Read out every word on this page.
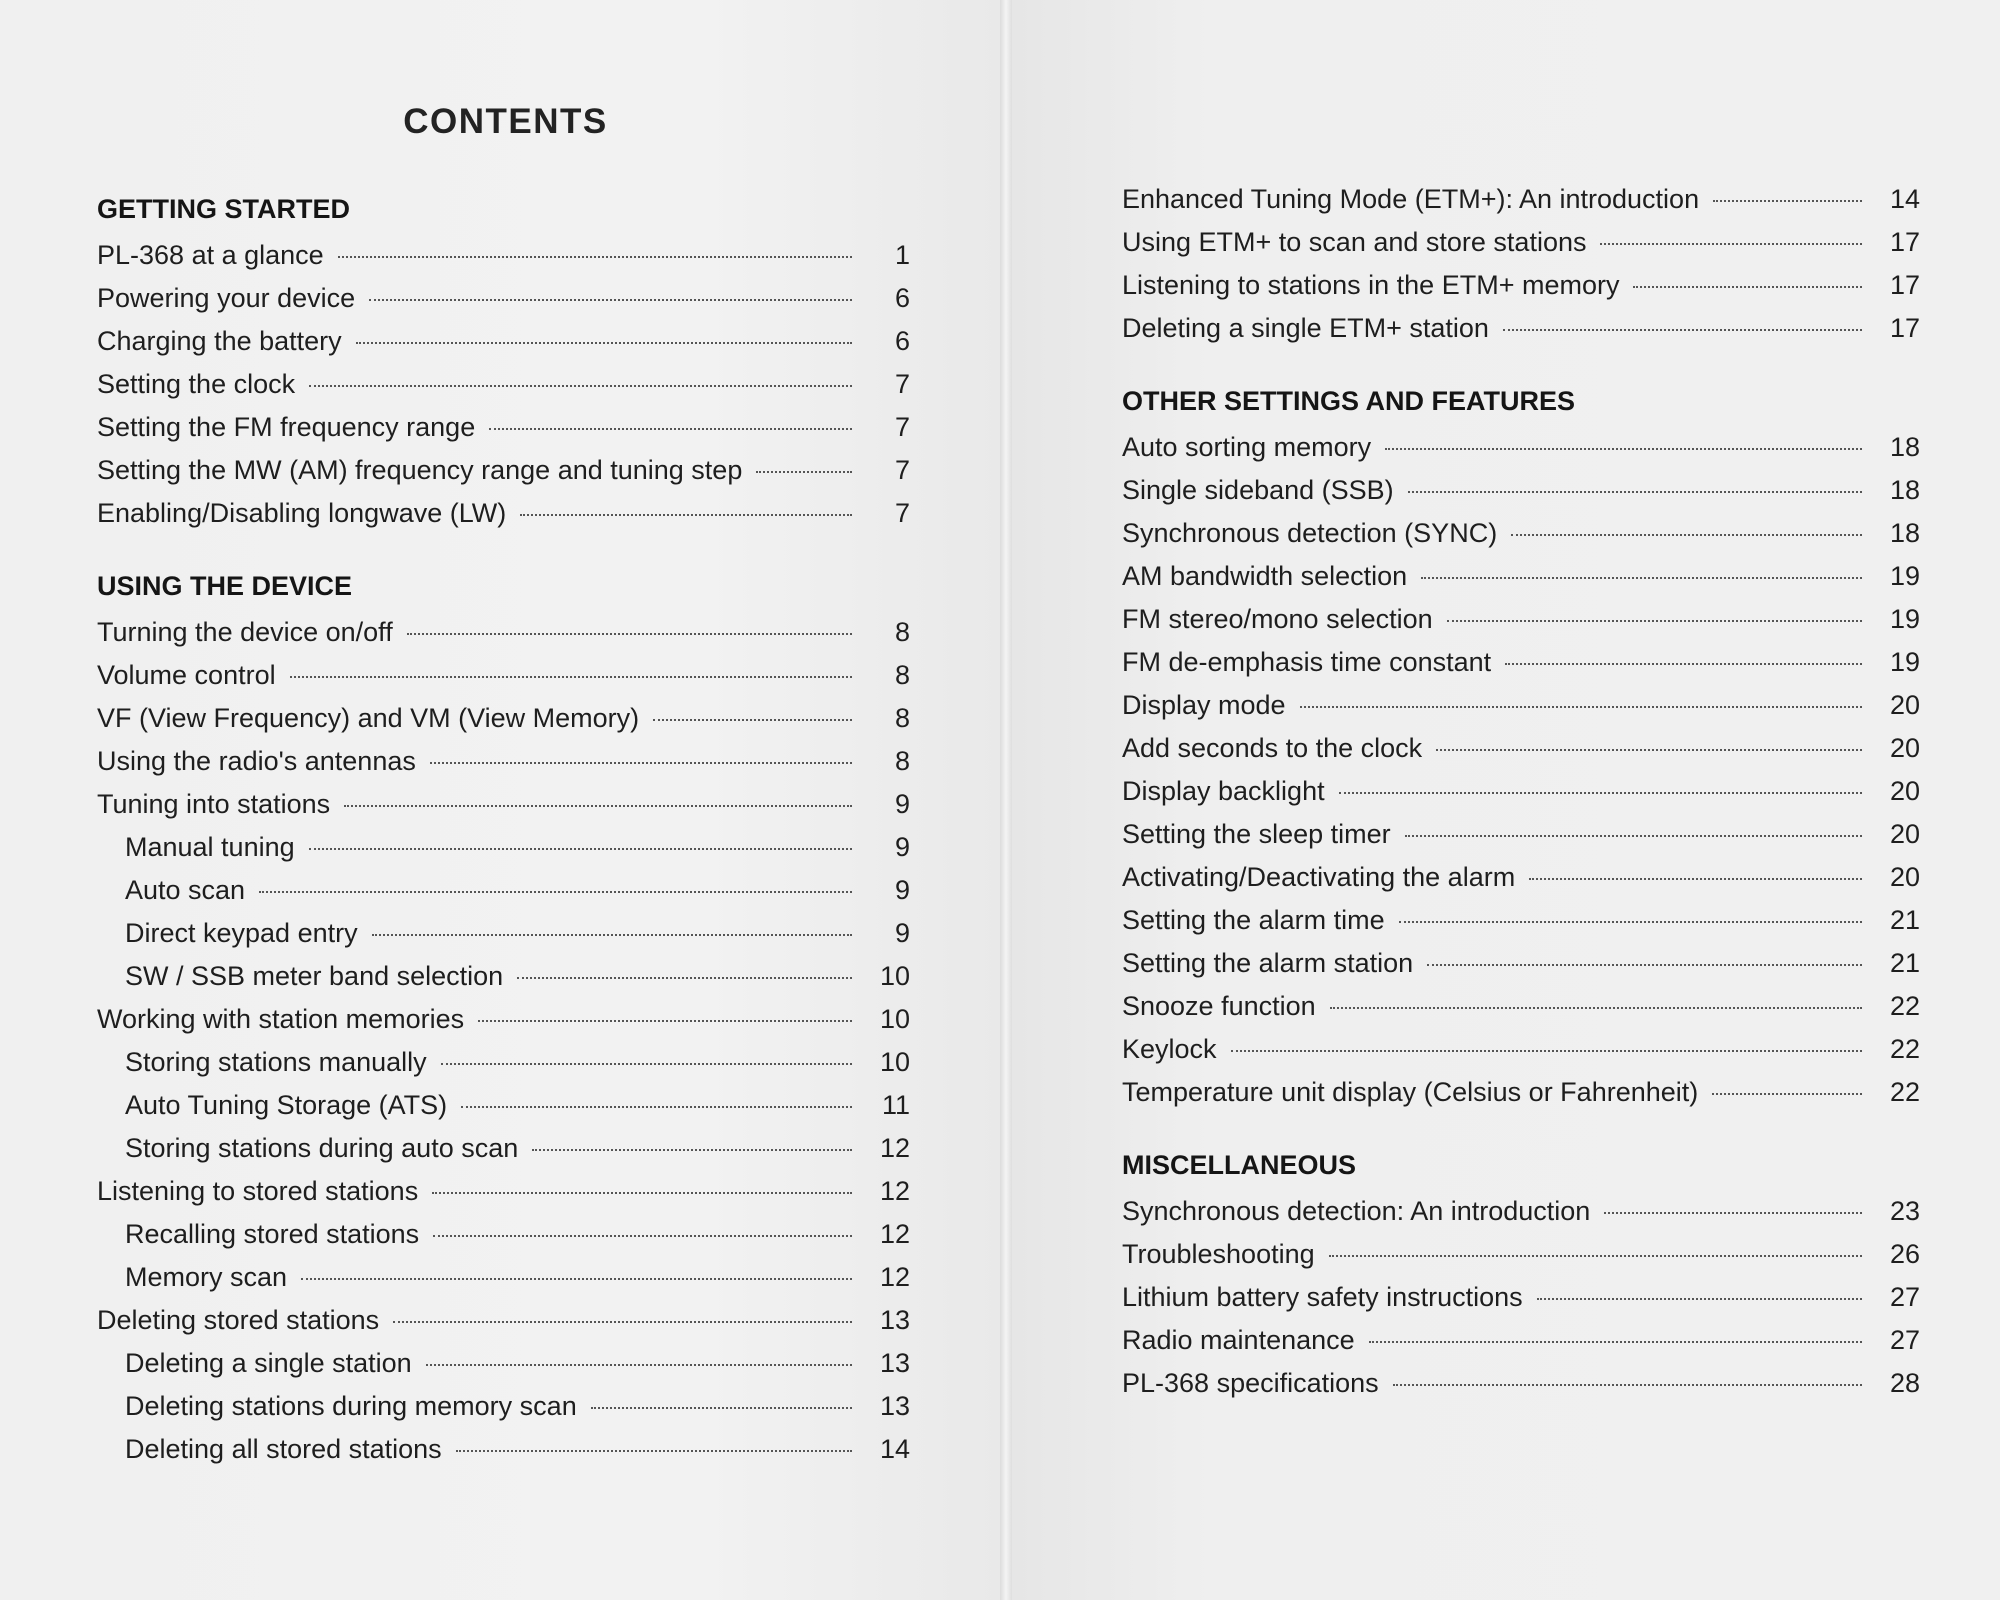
CONTENTS
GETTING STARTED
PL-368 at a glance	1
Powering your device	6
Charging the battery	6
Setting the clock	7
Setting the FM frequency range	7
Setting the MW (AM) frequency range and tuning step	7
Enabling/Disabling longwave (LW)	7
USING THE DEVICE
Turning the device on/off	8
Volume control	8
VF (View Frequency) and VM (View Memory)	8
Using the radio's antennas	8
Tuning into stations	9
Manual tuning	9
Auto scan	9
Direct keypad entry	9
SW / SSB meter band selection	10
Working with station memories	10
Storing stations manually	10
Auto Tuning Storage (ATS)	11
Storing stations during auto scan	12
Listening to stored stations	12
Recalling stored stations	12
Memory scan	12
Deleting stored stations	13
Deleting a single station	13
Deleting stations during memory scan	13
Deleting all stored stations	14
Enhanced Tuning Mode (ETM+): An introduction	14
Using ETM+ to scan and store stations	17
Listening to stations in the ETM+ memory	17
Deleting a single ETM+ station	17
OTHER SETTINGS AND FEATURES
Auto sorting memory	18
Single sideband (SSB)	18
Synchronous detection (SYNC)	18
AM bandwidth selection	19
FM stereo/mono selection	19
FM de-emphasis time constant	19
Display mode	20
Add seconds to the clock	20
Display backlight	20
Setting the sleep timer	20
Activating/Deactivating the alarm	20
Setting the alarm time	21
Setting the alarm station	21
Snooze function	22
Keylock	22
Temperature unit display (Celsius or Fahrenheit)	22
MISCELLANEOUS
Synchronous detection: An introduction	23
Troubleshooting	26
Lithium battery safety instructions	27
Radio maintenance	27
PL-368 specifications	28
